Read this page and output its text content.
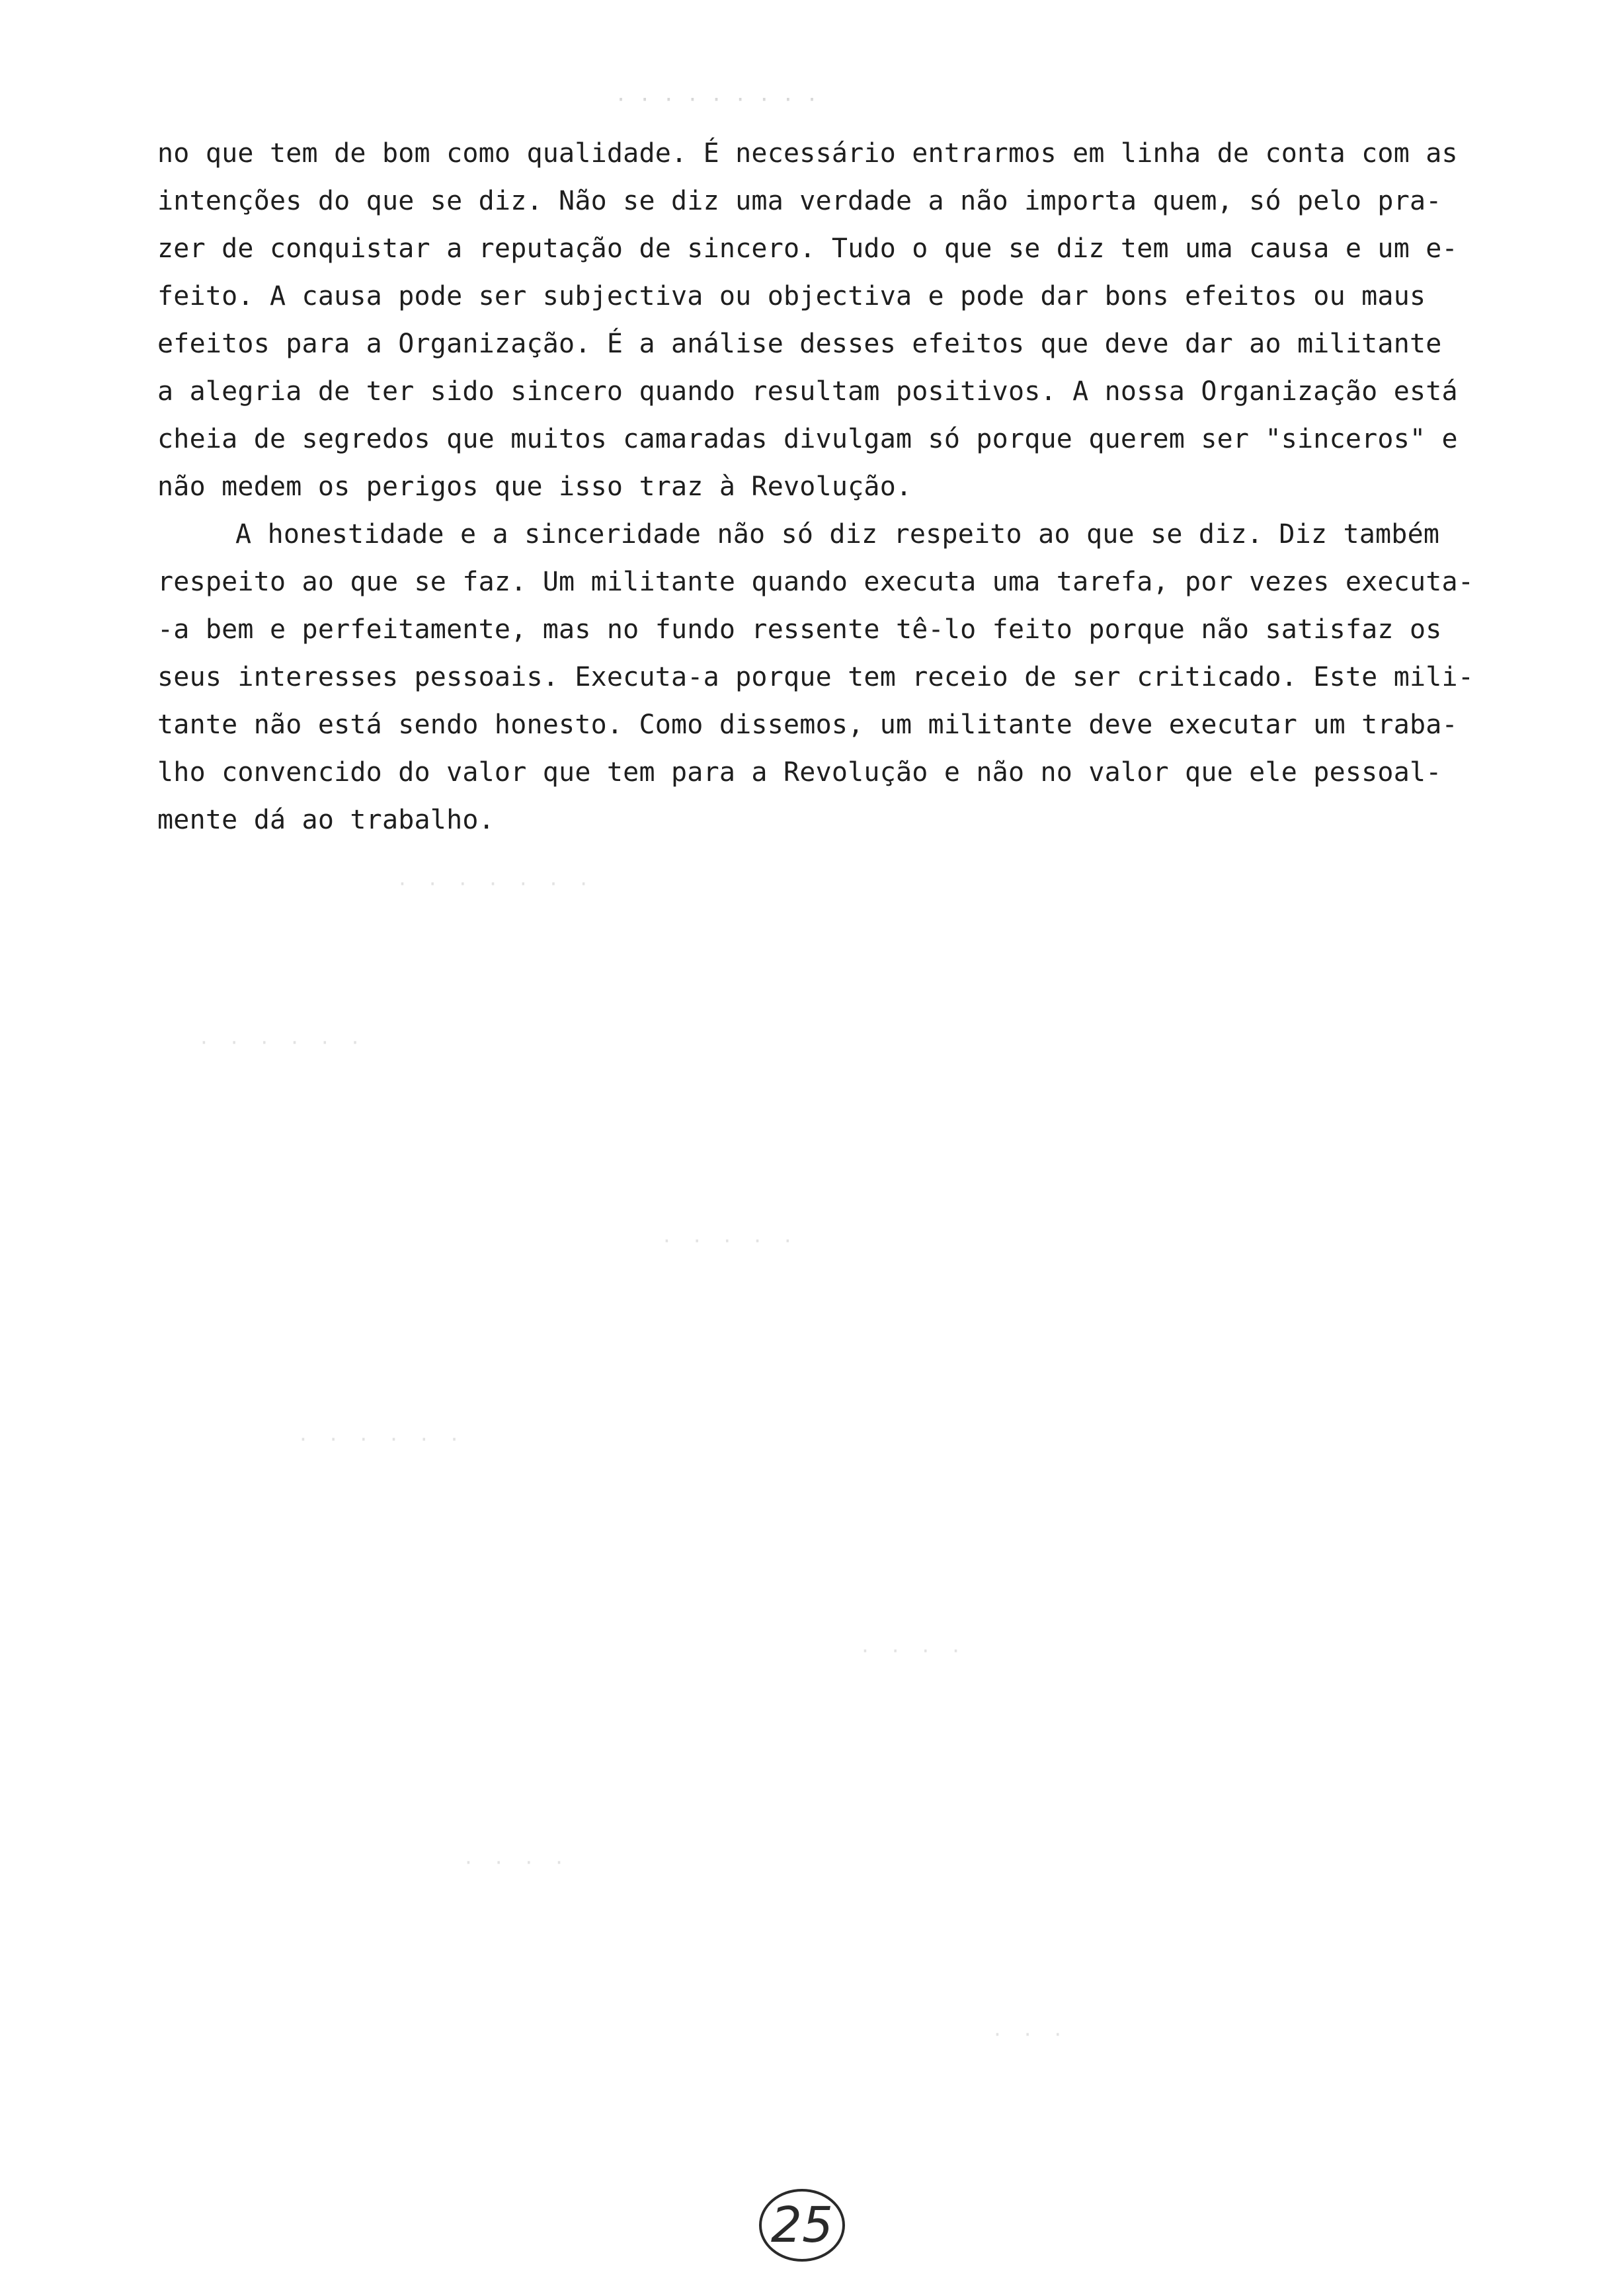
· · · · · · · · ·
· · · · · · ·
· · · · · ·
· · · · ·
· · · · · ·
· · · ·
· · · ·
· · ·
no que tem de bom como qualidade. É necessário entrarmos em linha de conta com as
intenções do que se diz. Não se diz uma verdade a não importa quem, só pelo pra-
zer de conquistar a reputação de sincero. Tudo o que se diz tem uma causa e um e-
feito. A causa pode ser subjectiva ou objectiva e pode dar bons efeitos ou maus
efeitos para a Organização. É a análise desses efeitos que deve dar ao militante
a alegria de ter sido sincero quando resultam positivos. A nossa Organização está
cheia de segredos que muitos camaradas divulgam só porque querem ser "sinceros" e
não medem os perigos que isso traz à Revolução.
A honestidade e a sinceridade não só diz respeito ao que se diz. Diz também
respeito ao que se faz. Um militante quando executa uma tarefa, por vezes executa-
-a bem e perfeitamente, mas no fundo ressente tê-lo feito porque não satisfaz os
seus interesses pessoais. Executa-a porque tem receio de ser criticado. Este mili-
tante não está sendo honesto. Como dissemos, um militante deve executar um traba-
lho convencido do valor que tem para a Revolução e não no valor que ele pessoal-
mente dá ao trabalho.
25
